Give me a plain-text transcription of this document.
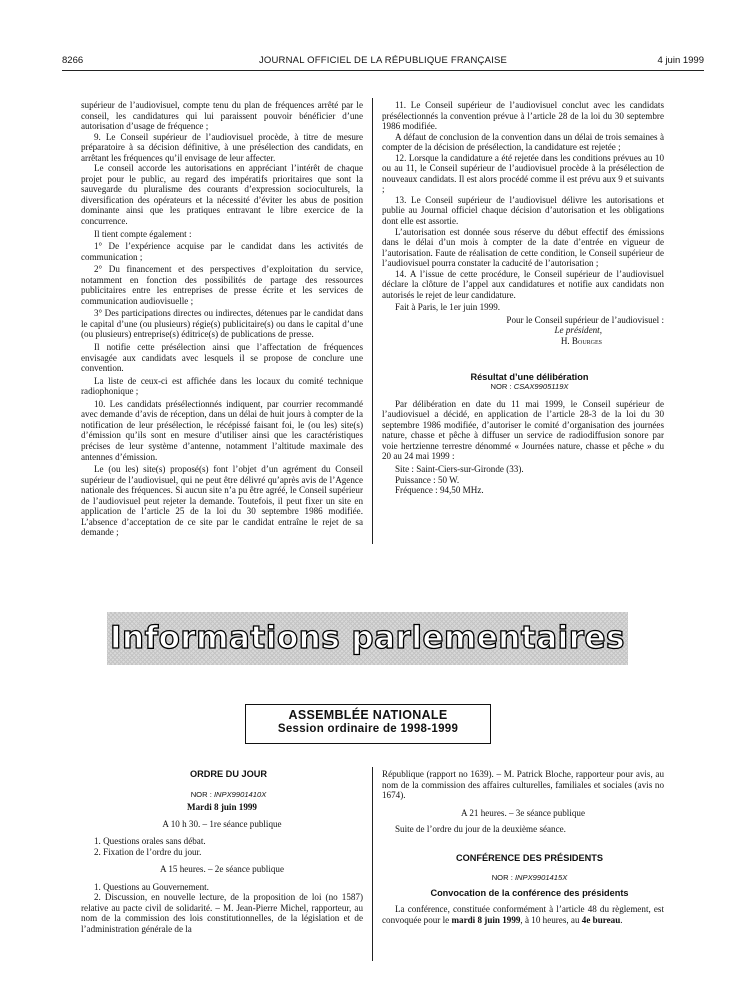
8266	JOURNAL OFFICIEL DE LA RÉPUBLIQUE FRANÇAISE	4 juin 1999

supérieur de l’audiovisuel, compte tenu du plan de fréquences arrêté par le conseil, les candidatures qui lui paraissent pouvoir bénéficier d’une autorisation d’usage de fréquence ;

9. Le Conseil supérieur de l’audiovisuel procède, à titre de mesure préparatoire à sa décision définitive, à une présélection des candidats, en arrêtant les fréquences qu’il envisage de leur affecter.

Le conseil accorde les autorisations en appréciant l’intérêt de chaque projet pour le public, au regard des impératifs prioritaires que sont la sauvegarde du pluralisme des courants d’expression socioculturels, la diversification des opérateurs et la nécessité d’éviter les abus de position dominante ainsi que les pratiques entravant le libre exercice de la concurrence.

Il tient compte également :

1° De l’expérience acquise par le candidat dans les activités de communication ;

2° Du financement et des perspectives d’exploitation du service, notamment en fonction des possibilités de partage des ressources publicitaires entre les entreprises de presse écrite et les services de communication audiovisuelle ;

3° Des participations directes ou indirectes, détenues par le candidat dans le capital d’une (ou plusieurs) régie(s) publicitaire(s) ou dans le capital d’une (ou plusieurs) entreprise(s) éditrice(s) de publications de presse.

Il notifie cette présélection ainsi que l’affectation de fréquences envisagée aux candidats avec lesquels il se propose de conclure une convention.

La liste de ceux-ci est affichée dans les locaux du comité technique radiophonique ;

10. Les candidats présélectionnés indiquent, par courrier recommandé avec demande d’avis de réception, dans un délai de huit jours à compter de la notification de leur présélection, le récépissé faisant foi, le (ou les) site(s) d’émission qu’ils sont en mesure d’utiliser ainsi que les caractéristiques précises de leur système d’antenne, notamment l’altitude maximale des antennes d’émission.

Le (ou les) site(s) proposé(s) font l’objet d’un agrément du Conseil supérieur de l’audiovisuel, qui ne peut être délivré qu’après avis de l’Agence nationale des fréquences. Si aucun site n’a pu être agréé, le Conseil supérieur de l’audiovisuel peut rejeter la demande. Toutefois, il peut fixer un site en application de l’article 25 de la loi du 30 septembre 1986 modifiée. L’absence d’acceptation de ce site par le candidat entraîne le rejet de sa demande ;

11. Le Conseil supérieur de l’audiovisuel conclut avec les candidats présélectionnés la convention prévue à l’article 28 de la loi du 30 septembre 1986 modifiée.

A défaut de conclusion de la convention dans un délai de trois semaines à compter de la décision de présélection, la candidature est rejetée ;

12. Lorsque la candidature a été rejetée dans les conditions prévues au 10 ou au 11, le Conseil supérieur de l’audiovisuel procède à la présélection de nouveaux candidats. Il est alors procédé comme il est prévu aux 9 et suivants ;

13. Le Conseil supérieur de l’audiovisuel délivre les autorisations et publie au Journal officiel chaque décision d’autorisation et les obligations dont elle est assortie.

L’autorisation est donnée sous réserve du début effectif des émissions dans le délai d’un mois à compter de la date d’entrée en vigueur de l’autorisation. Faute de réalisation de cette condition, le Conseil supérieur de l’audiovisuel pourra constater la caducité de l’autorisation ;

14. A l’issue de cette procédure, le Conseil supérieur de l’audiovisuel déclare la clôture de l’appel aux candidatures et notifie aux candidats non autorisés le rejet de leur candidature.

Fait à Paris, le 1er juin 1999.

Pour le Conseil supérieur de l’audiovisuel :

Le président,

H. Bourges

Résultat d’une délibération

NOR : CSAX9905119X

Par délibération en date du 11 mai 1999, le Conseil supérieur de l’audiovisuel a décidé, en application de l’article 28-3 de la loi du 30 septembre 1986 modifiée, d’autoriser le comité d’organisation des journées nature, chasse et pêche à diffuser un service de radiodiffusion sonore par voie hertzienne terrestre dénommé « Journées nature, chasse et pêche » du 20 au 24 mai 1999 :

Site : Saint-Ciers-sur-Gironde (33).

Puissance : 50 W.

Fréquence : 94,50 MHz.

Informations parlementaires
ASSEMBLÉE NATIONALE
Session ordinaire de 1998-1999

ORDRE DU JOUR

NOR : INPX9901410X

Mardi 8 juin 1999

A 10 h 30. – 1re séance publique

1. Questions orales sans débat.

2. Fixation de l’ordre du jour.

A 15 heures. – 2e séance publique

1. Questions au Gouvernement.

2. Discussion, en nouvelle lecture, de la proposition de loi (no 1587) relative au pacte civil de solidarité. – M. Jean-Pierre Michel, rapporteur, au nom de la commission des lois constitutionnelles, de la législation et de l’administration générale de la

République (rapport no 1639). – M. Patrick Bloche, rapporteur pour avis, au nom de la commission des affaires culturelles, familiales et sociales (avis no 1674).

A 21 heures. – 3e séance publique

Suite de l’ordre du jour de la deuxième séance.

CONFÉRENCE DES PRÉSIDENTS

NOR : INPX9901415X

Convocation de la conférence des présidents

La conférence, constituée conformément à l’article 48 du règlement, est convoquée pour le mardi 8 juin 1999, à 10 heures, au 4e bureau.
